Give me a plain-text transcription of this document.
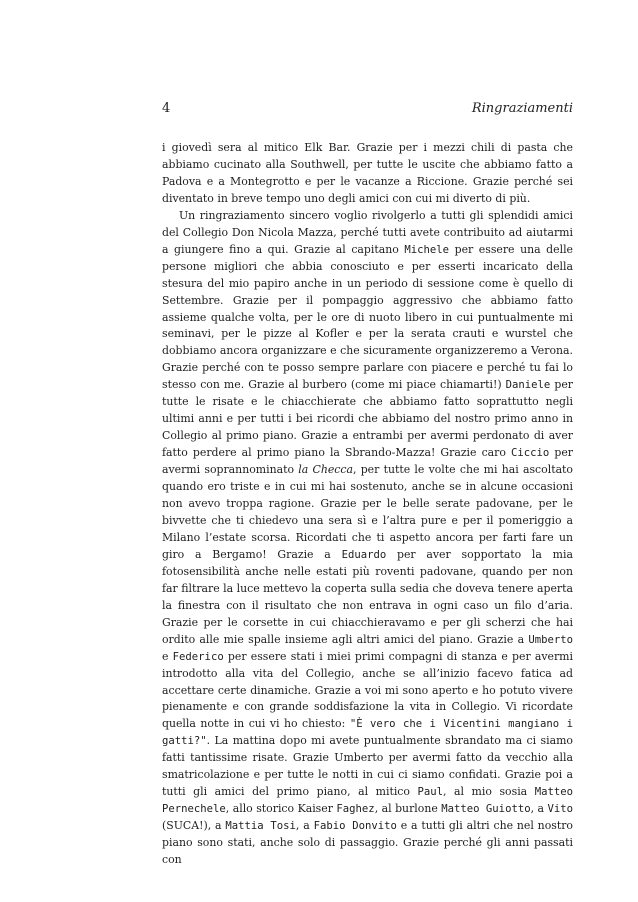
4	Ringraziamenti

i giovedì sera al mitico Elk Bar. Grazie per i mezzi chili di pasta che abbiamo cucinato alla Southwell, per tutte le uscite che abbiamo fatto a Padova e a Montegrotto e per le vacanze a Riccione. Grazie perché sei diventato in breve tempo uno degli amici con cui mi diverto di più.

Un ringraziamento sincero voglio rivolgerlo a tutti gli splendidi amici del Collegio Don Nicola Mazza, perché tutti avete contribuito ad aiutarmi a giungere fino a qui. Grazie al capitano Michele per essere una delle persone migliori che abbia conosciuto e per esserti incaricato della stesura del mio papiro anche in un periodo di sessione come è quello di Settembre. Grazie per il pompaggio aggressivo che abbiamo fatto assieme qualche volta, per le ore di nuoto libero in cui puntualmente mi seminavi, per le pizze al Kofler e per la serata crauti e wurstel che dobbiamo ancora organizzare e che sicuramente organizzeremo a Verona. Grazie perché con te posso sempre parlare con piacere e perché tu fai lo stesso con me. Grazie al burbero (come mi piace chiamarti!) Daniele per tutte le risate e le chiacchierate che abbiamo fatto soprattutto negli ultimi anni e per tutti i bei ricordi che abbiamo del nostro primo anno in Collegio al primo piano. Grazie a entrambi per avermi perdonato di aver fatto perdere al primo piano la Sbrando-Mazza! Grazie caro Ciccio per avermi soprannominato la Checca, per tutte le volte che mi hai ascoltato quando ero triste e in cui mi hai sostenuto, anche se in alcune occasioni non avevo troppa ragione. Grazie per le belle serate padovane, per le bivvette che ti chiedevo una sera sì e l’altra pure e per il pomeriggio a Milano l’estate scorsa. Ricordati che ti aspetto ancora per farti fare un giro a Bergamo! Grazie a Eduardo per aver sopportato la mia fotosensibilità anche nelle estati più roventi padovane, quando per non far filtrare la luce mettevo la coperta sulla sedia che doveva tenere aperta la finestra con il risultato che non entrava in ogni caso un filo d’aria. Grazie per le corsette in cui chiacchieravamo e per gli scherzi che hai ordito alle mie spalle insieme agli altri amici del piano. Grazie a Umberto e Federico per essere stati i miei primi compagni di stanza e per avermi introdotto alla vita del Collegio, anche se all’inizio facevo fatica ad accettare certe dinamiche. Grazie a voi mi sono aperto e ho potuto vivere pienamente e con grande soddisfazione la vita in Collegio. Vi ricordate quella notte in cui vi ho chiesto: "È vero che i Vicentini mangiano i gatti?". La mattina dopo mi avete puntualmente sbrandato ma ci siamo fatti tantissime risate. Grazie Umberto per avermi fatto da vecchio alla smatricolazione e per tutte le notti in cui ci siamo confidati. Grazie poi a tutti gli amici del primo piano, al mitico Paul, al mio sosia Matteo Pernechele, allo storico Kaiser Faghez, al burlone Matteo Guiotto, a Vito (SUCA!), a Mattia Tosi, a Fabio Donvito e a tutti gli altri che nel nostro piano sono stati, anche solo di passaggio. Grazie perché gli anni passati con
